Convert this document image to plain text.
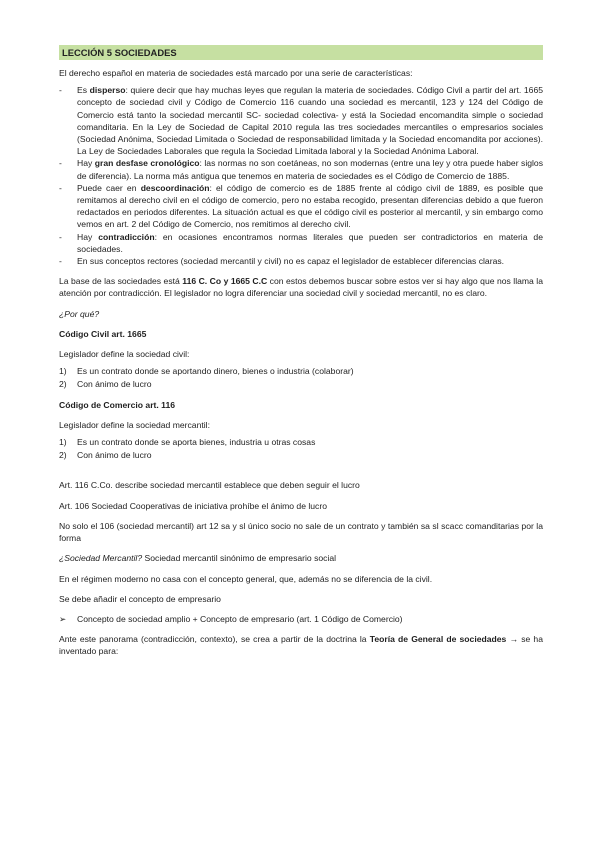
LECCIÓN 5 SOCIEDADES

El derecho español en materia de sociedades está marcado por una serie de características:

- Es disperso: quiere decir que hay muchas leyes que regulan la materia de sociedades. Código Civil a partir del art. 1665 concepto de sociedad civil y Código de Comercio 116 cuando una sociedad es mercantil, 123 y 124 del Código de Comercio está tanto la sociedad mercantil SC- sociedad colectiva- y está la Sociedad encomandita simple o sociedad comanditaria. En la Ley de Sociedad de Capital 2010 regula las tres sociedades mercantiles o empresarios sociales (Sociedad Anónima, Sociedad Limitada o Sociedad de responsabilidad limitada y la Sociedad encomandita por acciones). La Ley de Sociedades Laborales que regula la Sociedad Limitada laboral y la Sociedad Anónima Laboral.
- Hay gran desfase cronológico: las normas no son coetáneas, no son modernas (entre una ley y otra puede haber siglos de diferencia). La norma más antigua que tenemos en materia de sociedades es el Código de Comercio de 1885.
- Puede caer en descoordinación: el código de comercio es de 1885 frente al código civil de 1889, es posible que remitamos al derecho civil en el código de comercio, pero no estaba recogido, presentan diferencias debido a que fueron redactados en periodos diferentes. La situación actual es que el código civil es posterior al mercantil, y sin embargo como vemos en art. 2 del Código de Comercio, nos remitimos al derecho civil.
- Hay contradicción: en ocasiones encontramos normas literales que pueden ser contradictorios en materia de sociedades.
- En sus conceptos rectores (sociedad mercantil y civil) no es capaz el legislador de establecer diferencias claras.

La base de las sociedades está 116 C. Co y 1665 C.C con estos debemos buscar sobre estos ver si hay algo que nos llama la atención por contradicción. El legislador no logra diferenciar una sociedad civil y sociedad mercantil, no es claro.

¿Por qué?

Código Civil art. 1665

Legislador define la sociedad civil:

1) Es un contrato donde se aportando dinero, bienes o industria (colaborar)
2) Con ánimo de lucro

Código de Comercio art. 116

Legislador define la sociedad mercantil:

1) Es un contrato donde se aporta bienes, industria u otras cosas
2) Con ánimo de lucro

Art. 116 C.Co. describe sociedad mercantil establece que deben seguir el lucro

Art. 106 Sociedad Cooperativas de iniciativa prohíbe el ánimo de lucro

No solo el 106 (sociedad mercantil) art 12 sa y sl único socio no sale de un contrato y también sa sl scacc comanditarias por la forma

¿Sociedad Mercantil? Sociedad mercantil sinónimo de empresario social

En el régimen moderno no casa con el concepto general, que, además no se diferencia de la civil.

Se debe añadir el concepto de empresario

➢ Concepto de sociedad amplio + Concepto de empresario (art. 1 Código de Comercio)

Ante este panorama (contradicción, contexto), se crea a partir de la doctrina la Teoría de General de sociedades → se ha inventado para:
